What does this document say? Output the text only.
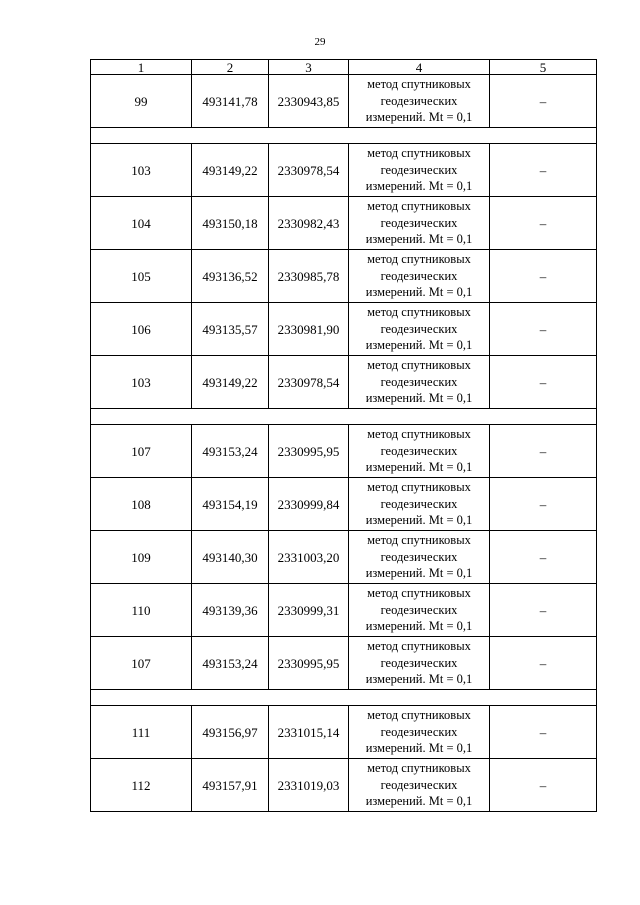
29
1	2	3	4	5
99	493141,78	2330943,85	метод спутниковых
геодезических
измерений. Mt = 0,1	–

103	493149,22	2330978,54	метод спутниковых
геодезических
измерений. Mt = 0,1	–
104	493150,18	2330982,43	метод спутниковых
геодезических
измерений. Mt = 0,1	–
105	493136,52	2330985,78	метод спутниковых
геодезических
измерений. Mt = 0,1	–
106	493135,57	2330981,90	метод спутниковых
геодезических
измерений. Mt = 0,1	–
103	493149,22	2330978,54	метод спутниковых
геодезических
измерений. Mt = 0,1	–

107	493153,24	2330995,95	метод спутниковых
геодезических
измерений. Mt = 0,1	–
108	493154,19	2330999,84	метод спутниковых
геодезических
измерений. Mt = 0,1	–
109	493140,30	2331003,20	метод спутниковых
геодезических
измерений. Mt = 0,1	–
110	493139,36	2330999,31	метод спутниковых
геодезических
измерений. Mt = 0,1	–
107	493153,24	2330995,95	метод спутниковых
геодезических
измерений. Mt = 0,1	–

111	493156,97	2331015,14	метод спутниковых
геодезических
измерений. Mt = 0,1	–
112	493157,91	2331019,03	метод спутниковых
геодезических
измерений. Mt = 0,1	–
